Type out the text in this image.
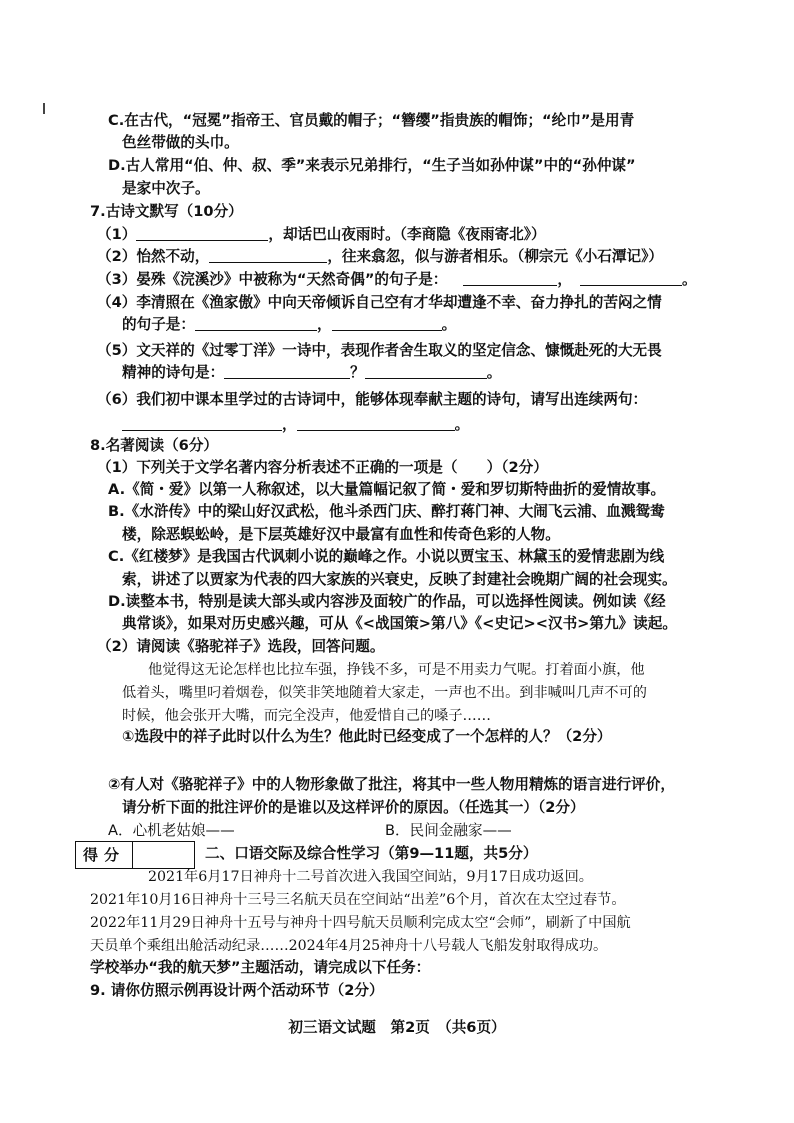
C.在古代，“冠冕”指帝王、官员戴的帽子；“簪缨”指贵族的帽饰；“纶巾”是用青
色丝带做的头巾。
D.古人常用“伯、仲、叔、季”来表示兄弟排行，“生子当如孙仲谋”中的“孙仲谋”
是家中次子。
7.古诗文默写（10分）
（1）	，却话巴山夜雨时。（李商隐《夜雨寄北》）
（2）怡然不动，	，往来翕忽，似与游者相乐。（柳宗元《小石潭记》）
（3）晏殊《浣溪沙》中被称为“天然奇偶”的句子是：	，	。
（4）李清照在《渔家傲》中向天帝倾诉自己空有才华却遭逢不幸、奋力挣扎的苦闷之情
的句子是：	，	。
（5）文天祥的《过零丁洋》一诗中，表现作者舍生取义的坚定信念、慷慨赴死的大无畏
精神的诗句是：	？	。
（6）我们初中课本里学过的古诗词中，能够体现奉献主题的诗句，请写出连续两句：
，	。
8.名著阅读（6分）
（1）下列关于文学名著内容分析表述不正确的一项是（　　）（2分）
A.《简・爱》以第一人称叙述，以大量篇幅记叙了简・爱和罗切斯特曲折的爱情故事。
B.《水浒传》中的梁山好汉武松，他斗杀西门庆、醉打蒋门神、大闹飞云浦、血溅鸳鸯
楼，除恶蜈蚣岭，是下层英雄好汉中最富有血性和传奇色彩的人物。
C.《红楼梦》是我国古代讽刺小说的巅峰之作。小说以贾宝玉、林黛玉的爱情悲剧为线
索，讲述了以贾家为代表的四大家族的兴衰史，反映了封建社会晚期广阔的社会现实。
D.读整本书，特别是读大部头或内容涉及面较广的作品，可以选择性阅读。例如读《经
典常谈》，如果对历史感兴趣，可从《<战国策>第八》《<史记><汉书>第九》读起。
（2）请阅读《骆驼祥子》选段，回答问题。
他觉得这无论怎样也比拉车强，挣钱不多，可是不用卖力气呢。打着面小旗，他
低着头，嘴里叼着烟卷，似笑非笑地随着大家走，一声也不出。到非喊叫几声不可的
时候，他会张开大嘴，而完全没声，他爱惜自己的嗓子……
①选段中的祥子此时以什么为生？他此时已经变成了一个怎样的人？（2分）
②有人对《骆驼祥子》中的人物形象做了批注，将其中一些人物用精炼的语言进行评价，
请分析下面的批注评价的是谁以及这样评价的原因。（任选其一）（2分）
A．心机老姑娘——	B．民间金融家——
得分	二、口语交际及综合性学习（第9—11题，共5分）
2021年6月17日神舟十二号首次进入我国空间站，9月17日成功返回。
2021年10月16日神舟十三号三名航天员在空间站“出差”6个月，首次在太空过春节。
2022年11月29日神舟十五号与神舟十四号航天员顺利完成太空“会师”，刷新了中国航
天员单个乘组出舱活动纪录……2024年4月25神舟十八号载人飞船发射取得成功。
学校举办“我的航天梦”主题活动，请完成以下任务：
9. 请你仿照示例再设计两个活动环节（2分）
初三语文试题　第2页　（共6页）
